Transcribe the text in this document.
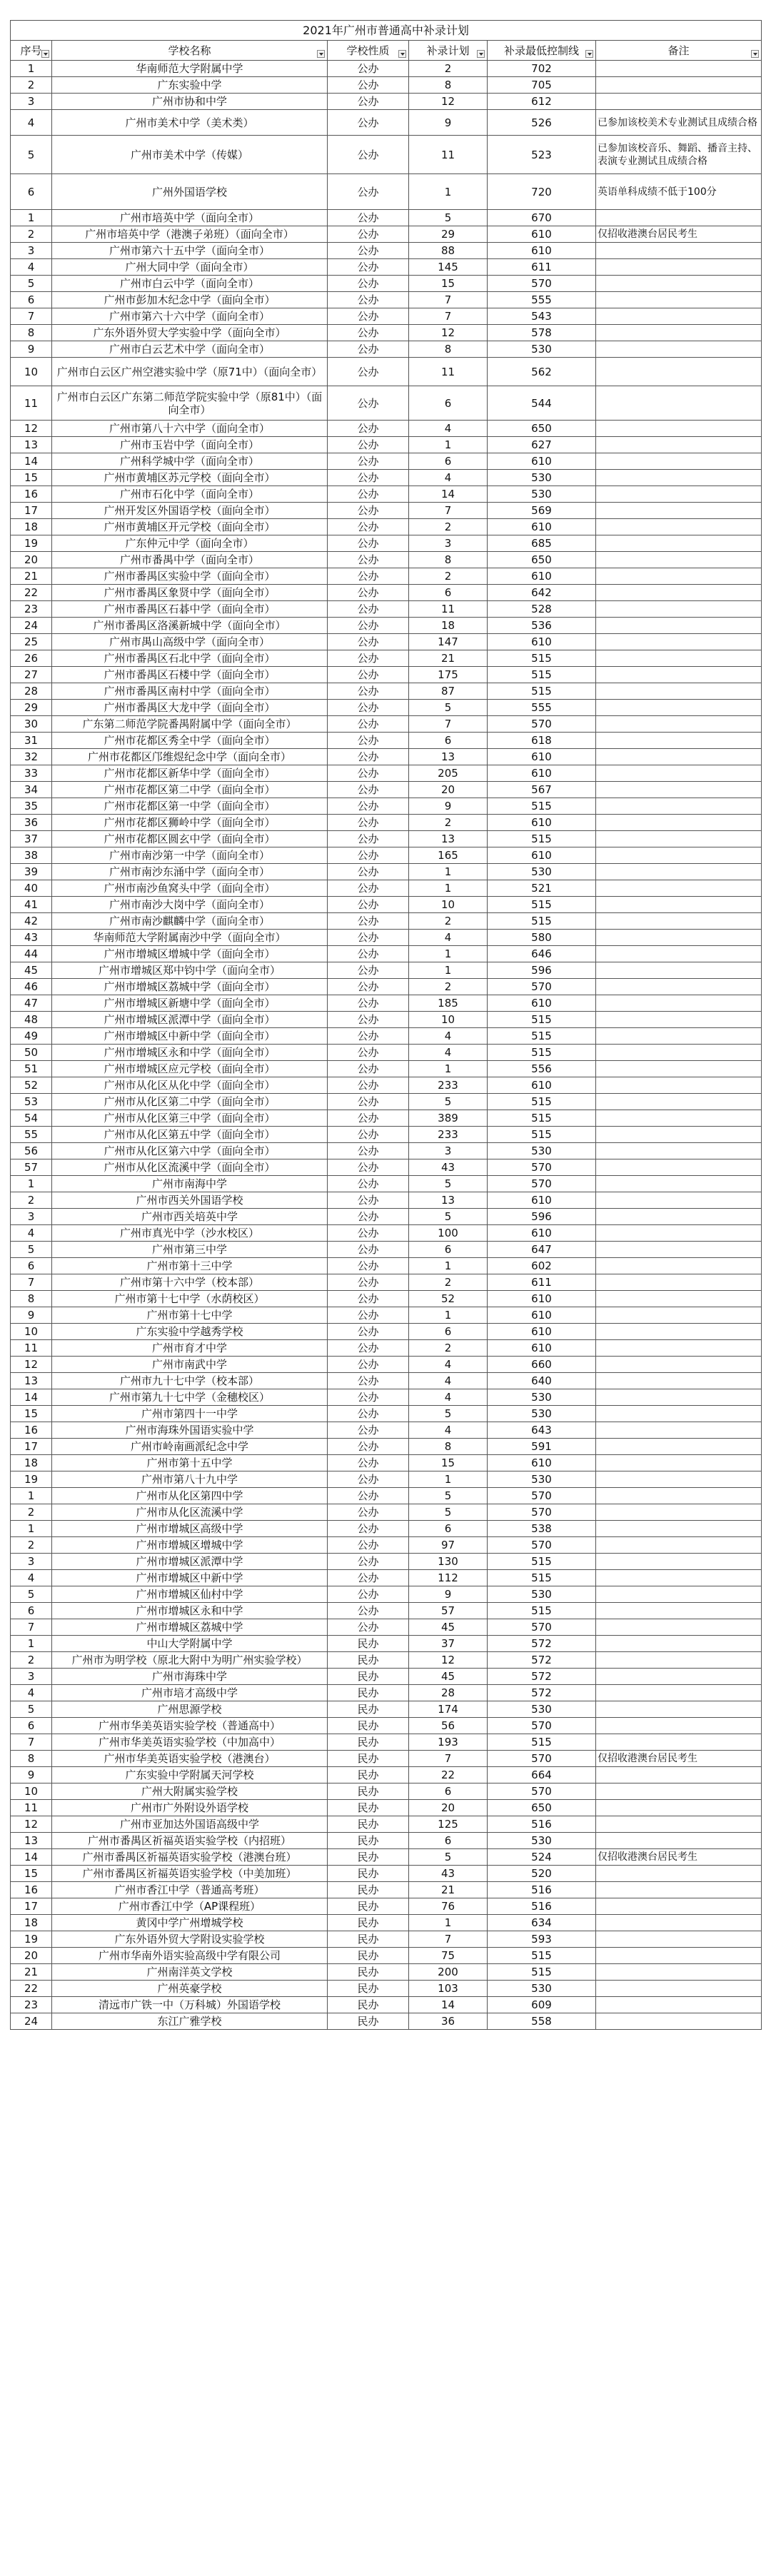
2021年广州市普通高中补录计划					
序号	学校名称	学校性质	补录计划	补录最低控制线	备注

1	华南师范大学附属中学	公办	2	702	
2	广东实验中学	公办	8	705	
3	广州市协和中学	公办	12	612	
4	广州市美术中学（美术类）	公办	9	526	已参加该校美术专业测试且成绩合格
5	广州市美术中学（传媒）	公办	11	523	已参加该校音乐、舞蹈、播音主持、表演专业测试且成绩合格
6	广州外国语学校	公办	1	720	英语单科成绩不低于100分
1	广州市培英中学（面向全市）	公办	5	670	
2	广州市培英中学（港澳子弟班）（面向全市）	公办	29	610	仅招收港澳台居民考生
3	广州市第六十五中学（面向全市）	公办	88	610	
4	广州大同中学（面向全市）	公办	145	611	
5	广州市白云中学（面向全市）	公办	15	570	
6	广州市彭加木纪念中学（面向全市）	公办	7	555	
7	广州市第六十六中学（面向全市）	公办	7	543	
8	广东外语外贸大学实验中学（面向全市）	公办	12	578	
9	广州市白云艺术中学（面向全市）	公办	8	530	
10	广州市白云区广州空港实验中学（原71中）（面向全市）	公办	11	562	
11	广州市白云区广东第二师范学院实验中学（原81中）（面向全市）	公办	6	544	
12	广州市第八十六中学（面向全市）	公办	4	650	
13	广州市玉岩中学（面向全市）	公办	1	627	
14	广州科学城中学（面向全市）	公办	6	610	
15	广州市黄埔区苏元学校（面向全市）	公办	4	530	
16	广州市石化中学（面向全市）	公办	14	530	
17	广州开发区外国语学校（面向全市）	公办	7	569	
18	广州市黄埔区开元学校（面向全市）	公办	2	610	
19	广东仲元中学（面向全市）	公办	3	685	
20	广州市番禺中学（面向全市）	公办	8	650	
21	广州市番禺区实验中学（面向全市）	公办	2	610	
22	广州市番禺区象贤中学（面向全市）	公办	6	642	
23	广州市番禺区石碁中学（面向全市）	公办	11	528	
24	广州市番禺区洛溪新城中学（面向全市）	公办	18	536	
25	广州市禺山高级中学（面向全市）	公办	147	610	
26	广州市番禺区石北中学（面向全市）	公办	21	515	
27	广州市番禺区石楼中学（面向全市）	公办	175	515	
28	广州市番禺区南村中学（面向全市）	公办	87	515	
29	广州市番禺区大龙中学（面向全市）	公办	5	555	
30	广东第二师范学院番禺附属中学（面向全市）	公办	7	570	
31	广州市花都区秀全中学（面向全市）	公办	6	618	
32	广州市花都区邝维煜纪念中学（面向全市）	公办	13	610	
33	广州市花都区新华中学（面向全市）	公办	205	610	
34	广州市花都区第二中学（面向全市）	公办	20	567	
35	广州市花都区第一中学（面向全市）	公办	9	515	
36	广州市花都区狮岭中学（面向全市）	公办	2	610	
37	广州市花都区圆玄中学（面向全市）	公办	13	515	
38	广州市南沙第一中学（面向全市）	公办	165	610	
39	广州市南沙东涌中学（面向全市）	公办	1	530	
40	广州市南沙鱼窝头中学（面向全市）	公办	1	521	
41	广州市南沙大岗中学（面向全市）	公办	10	515	
42	广州市南沙麒麟中学（面向全市）	公办	2	515	
43	华南师范大学附属南沙中学（面向全市）	公办	4	580	
44	广州市增城区增城中学（面向全市）	公办	1	646	
45	广州市增城区郑中钧中学（面向全市）	公办	1	596	
46	广州市增城区荔城中学（面向全市）	公办	2	570	
47	广州市增城区新塘中学（面向全市）	公办	185	610	
48	广州市增城区派潭中学（面向全市）	公办	10	515	
49	广州市增城区中新中学（面向全市）	公办	4	515	
50	广州市增城区永和中学（面向全市）	公办	4	515	
51	广州市增城区应元学校（面向全市）	公办	1	556	
52	广州市从化区从化中学（面向全市）	公办	233	610	
53	广州市从化区第二中学（面向全市）	公办	5	515	
54	广州市从化区第三中学（面向全市）	公办	389	515	
55	广州市从化区第五中学（面向全市）	公办	233	515	
56	广州市从化区第六中学（面向全市）	公办	3	530	
57	广州市从化区流溪中学（面向全市）	公办	43	570	
1	广州市南海中学	公办	5	570	
2	广州市西关外国语学校	公办	13	610	
3	广州市西关培英中学	公办	5	596	
4	广州市真光中学（沙水校区）	公办	100	610	
5	广州市第三中学	公办	6	647	
6	广州市第十三中学	公办	1	602	
7	广州市第十六中学（校本部）	公办	2	611	
8	广州市第十七中学（水荫校区）	公办	52	610	
9	广州市第十七中学	公办	1	610	
10	广东实验中学越秀学校	公办	6	610	
11	广州市育才中学	公办	2	610	
12	广州市南武中学	公办	4	660	
13	广州市九十七中学（校本部）	公办	4	640	
14	广州市第九十七中学（金穗校区）	公办	4	530	
15	广州市第四十一中学	公办	5	530	
16	广州市海珠外国语实验中学	公办	4	643	
17	广州市岭南画派纪念中学	公办	8	591	
18	广州市第十五中学	公办	15	610	
19	广州市第八十九中学	公办	1	530	
1	广州市从化区第四中学	公办	5	570	
2	广州市从化区流溪中学	公办	5	570	
1	广州市增城区高级中学	公办	6	538	
2	广州市增城区增城中学	公办	97	570	
3	广州市增城区派潭中学	公办	130	515	
4	广州市增城区中新中学	公办	112	515	
5	广州市增城区仙村中学	公办	9	530	
6	广州市增城区永和中学	公办	57	515	
7	广州市增城区荔城中学	公办	45	570	
1	中山大学附属中学	民办	37	572	
2	广州市为明学校（原北大附中为明广州实验学校）	民办	12	572	
3	广州市海珠中学	民办	45	572	
4	广州市培才高级中学	民办	28	572	
5	广州思源学校	民办	174	530	
6	广州市华美英语实验学校（普通高中）	民办	56	570	
7	广州市华美英语实验学校（中加高中）	民办	193	515	
8	广州市华美英语实验学校（港澳台）	民办	7	570	仅招收港澳台居民考生
9	广东实验中学附属天河学校	民办	22	664	
10	广州大附属实验学校	民办	6	570	
11	广州市广外附设外语学校	民办	20	650	
12	广州市亚加达外国语高级中学	民办	125	516	
13	广州市番禺区祈福英语实验学校（内招班）	民办	6	530	
14	广州市番禺区祈福英语实验学校（港澳台班）	民办	5	524	仅招收港澳台居民考生
15	广州市番禺区祈福英语实验学校（中美加班）	民办	43	520	
16	广州市香江中学（普通高考班）	民办	21	516	
17	广州市香江中学（AP课程班）	民办	76	516	
18	黄冈中学广州增城学校	民办	1	634	
19	广东外语外贸大学附设实验学校	民办	7	593	
20	广州市华南外语实验高级中学有限公司	民办	75	515	
21	广州南洋英文学校	民办	200	515	
22	广州英豪学校	民办	103	530	
23	清远市广铁一中（万科城）外国语学校	民办	14	609	
24	东江广雅学校	民办	36	558	
